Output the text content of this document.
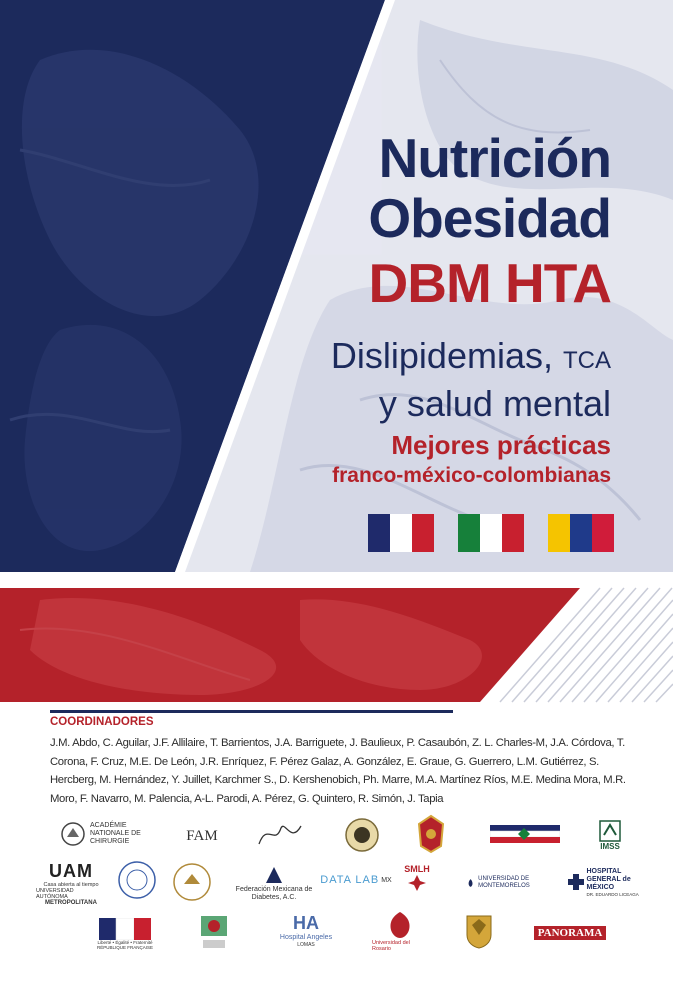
Nutrición
Obesidad
DBM HTA
Dislipidemias, TCA
y salud mental
Mejores prácticas
franco-méxico-colombianas
COORDINADORES
J.M. Abdo, C. Aguilar, J.F. Allilaire, T. Barrientos, J.A. Barriguete, J. Baulieux, P. Casaubón, Z. L. Charles-M, J.A. Córdova, T. Corona, F. Cruz, M.E. De León, J.R. Enríquez, F. Pérez Galaz, A. González, E. Graue, G. Guerrero, L.M. Gutiérrez, S. Hercberg, M. Hernández, Y. Juillet, Karchmer S., D. Kershenobich, Ph. Marre, M.A. Martínez Ríos, M.E. Medina Mora, M.R. Moro, F. Navarro, M. Palencia, A-L. Parodi, A. Pérez, G. Quintero, R. Simón, J. Tapia
ACADÉMIE NATIONALE DE CHIRURGIE	FAM
IMSS
UAM
Casa abierta al tiempo
UNIVERSIDAD AUTÓNOMA
METROPOLITANA
Federación Mexicana de Diabetes, A.C.
DATA LAB MX
SMLH
UNIVERSIDAD DE MONTEMORELOS
HOSPITAL GENERAL de MÉXICO
DR. EDUARDO LICEAGA
Liberté • Égalité • Fraternité
RÉPUBLIQUE FRANÇAISE
HA
Hospital Angeles
LOMAS	Universidad del Rosario
PANORAMA
